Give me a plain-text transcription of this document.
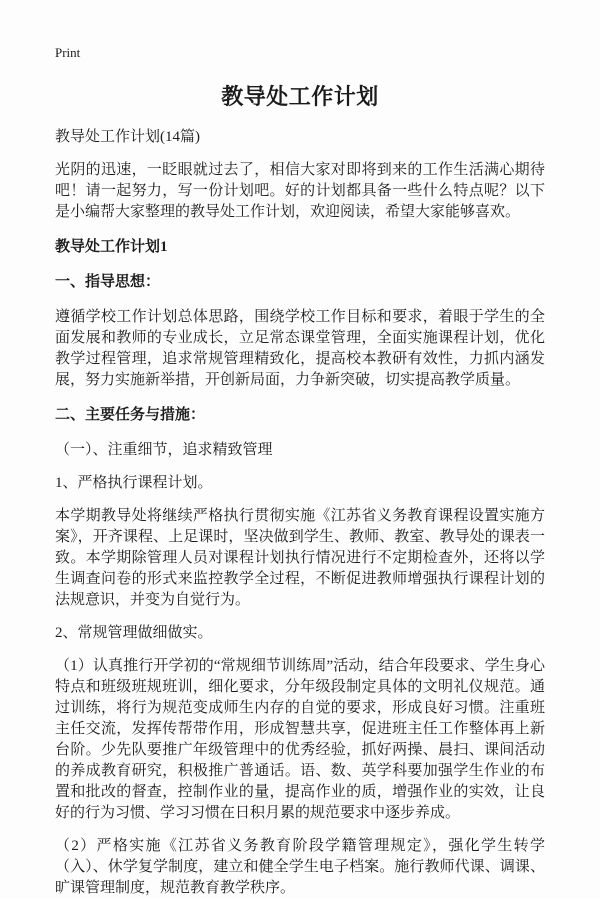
Print
教导处工作计划
教导处工作计划(14篇)

光阴的迅速，一眨眼就过去了，相信大家对即将到来的工作生活满心期待吧！请一起努力，写一份计划吧。好的计划都具备一些什么特点呢？以下是小编帮大家整理的教导处工作计划，欢迎阅读，希望大家能够喜欢。

教导处工作计划1
一、指导思想：

遵循学校工作计划总体思路，围绕学校工作目标和要求，着眼于学生的全面发展和教师的专业成长，立足常态课堂管理，全面实施课程计划，优化教学过程管理，追求常规管理精致化，提高校本教研有效性，力抓内涵发展，努力实施新举措，开创新局面，力争新突破，切实提高教学质量。

二、主要任务与措施：

（一）、注重细节，追求精致管理

1、严格执行课程计划。

本学期教导处将继续严格执行贯彻实施《江苏省义务教育课程设置实施方案》，开齐课程、上足课时，坚决做到学生、教师、教室、教导处的课表一致。本学期除管理人员对课程计划执行情况进行不定期检查外，还将以学生调查问卷的形式来监控教学全过程，不断促进教师增强执行课程计划的法规意识，并变为自觉行为。

2、常规管理做细做实。

（1）认真推行开学初的“常规细节训练周”活动，结合年段要求、学生身心特点和班级班规班训，细化要求，分年级段制定具体的文明礼仪规范。通过训练，将行为规范变成师生内存的自觉的要求，形成良好习惯。注重班主任交流，发挥传帮带作用，形成智慧共享，促进班主任工作整体再上新台阶。少先队要推广年级管理中的优秀经验，抓好两操、晨扫、课间活动的养成教育研究，积极推广普通话。语、数、英学科要加强学生作业的布置和批改的督查，控制作业的量，提高作业的质，增强作业的实效，让良好的行为习惯、学习习惯在日积月累的规范要求中逐步养成。

（2）严格实施《江苏省义务教育阶段学籍管理规定》，强化学生转学（入）、休学复学制度，建立和健全学生电子档案。施行教师代课、调课、旷课管理制度，规范教育教学秩序。
